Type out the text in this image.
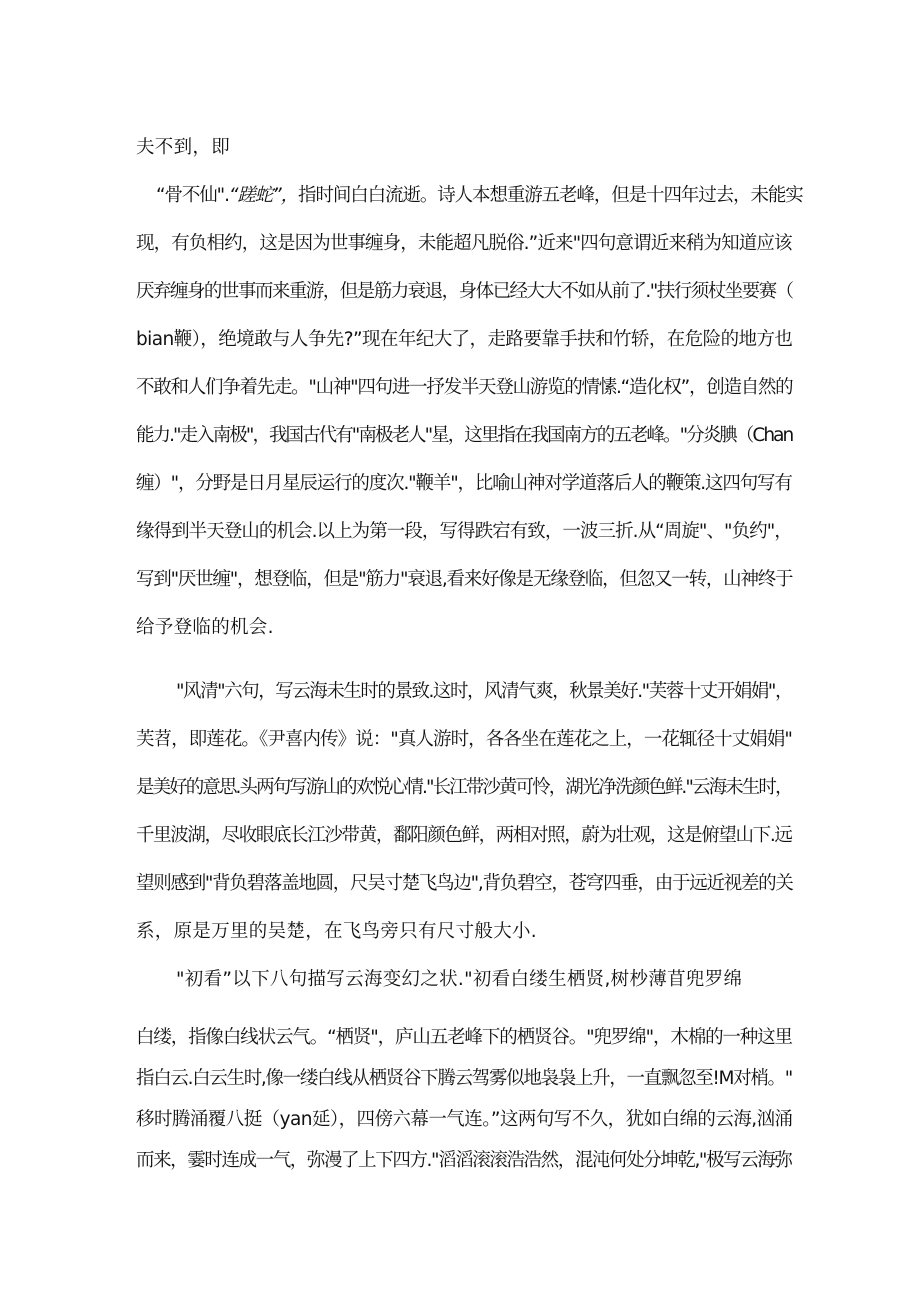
夫不到，即

“骨不仙".“蹉蛇”，指时间白白流逝。诗人本想重游五老峰，但是十四年过去，未能实

现，有负相约，这是因为世事缠身，未能超凡脱俗.”近来"四句意谓近来稍为知道应该

厌弃缠身的世事而来重游，但是筋力衰退，身体已经大大不如从前了."扶行须杖坐要赛（

bian鞭），绝境敢与人争先?”现在年纪大了，走路要靠手扶和竹轿，在危险的地方也

不敢和人们争着先走。"山神"四句进一抒发半天登山游览的情愫.“造化权”，创造自然的

能力."走入南极"，我国古代有"南极老人"星，这里指在我国南方的五老峰。"分炎腆（Chan

缠）"，分野是日月星辰运行的度次."鞭羊"，比喻山神对学道落后人的鞭策.这四句写有

缘得到半天登山的机会.以上为第一段，写得跌宕有致，一波三折.从“周旋"、"负约"，

写到"厌世缠"，想登临，但是"筋力"衰退,看来好像是无缘登临，但忽又一转，山神终于

给予登临的机会.

"风清"六句，写云海未生时的景致.这时，风清气爽，秋景美好."芙蓉十丈开娟娟"，

芙苕，即莲花。《尹喜内传》说："真人游时，各各坐在莲花之上，一花辄径十丈娟娟"

是美好的意思.头两句写游山的欢悦心情."长江带沙黄可怜，湖光净洗颜色鲜."云海未生时，

千里波湖，尽收眼底长江沙带黄，鄱阳颜色鲜，两相对照，蔚为壮观，这是俯望山下.远

望则感到"背负碧落盖地圆，尺吴寸楚飞鸟边",背负碧空，苍穹四垂，由于远近视差的关

系，原是万里的吴楚，在飞鸟旁只有尺寸般大小.

"初看”以下八句描写云海变幻之状."初看白缕生栖贤,树杪薄苜兜罗绵

白缕，指像白线状云气。“栖贤"，庐山五老峰下的栖贤谷。"兜罗绵"，木棉的一种这里

指白云.白云生时,像一缕白线从栖贤谷下腾云驾雾似地袅袅上升，一直飘忽至!M对梢。"

移时腾涌覆八挺（yan延），四傍六幕一气连。”这两句写不久，犹如白绵的云海,汹涌

而来，霎时连成一气，弥漫了上下四方."滔滔滚滚浩浩然，混沌何处分坤乾,"极写云海弥
